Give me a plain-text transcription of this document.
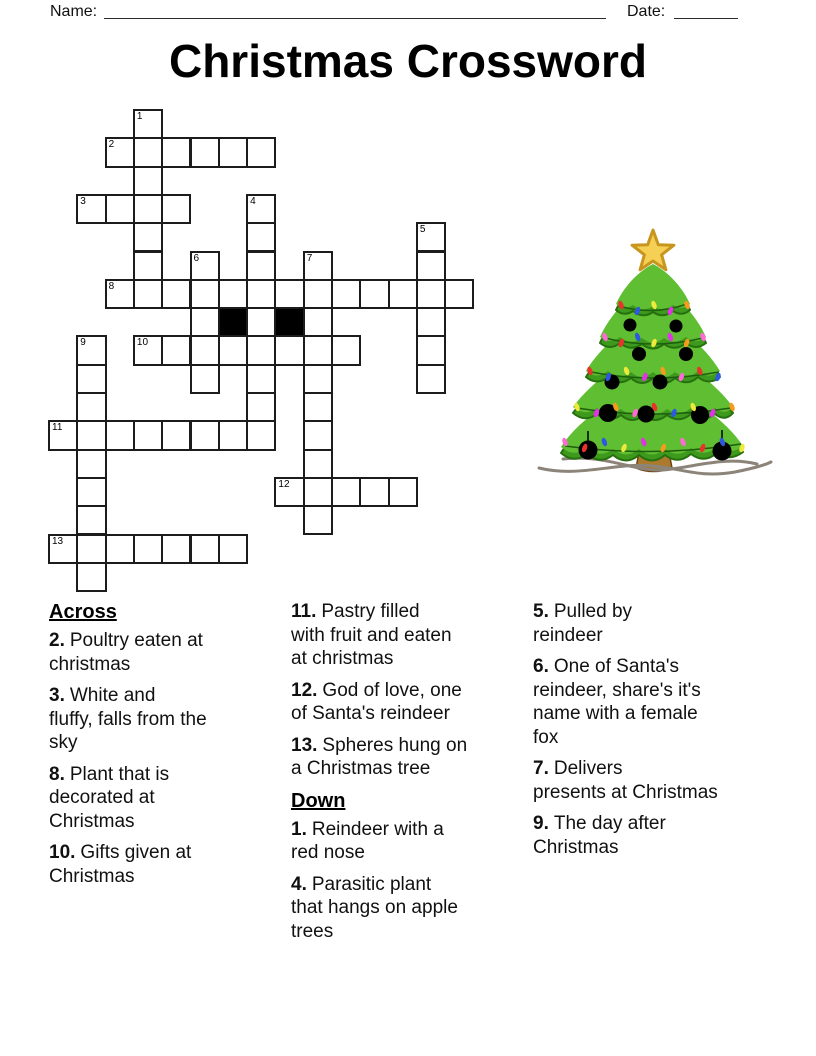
Name:	Date:
Christmas Crossword
1
2
3	4
5
6	7
8
9	10
11
12
13
Across
2. Poultry eaten at
christmas
3. White and
fluffy, falls from the
sky
8. Plant that is
decorated at
Christmas
10. Gifts given at
Christmas
11. Pastry filled
with fruit and eaten
at christmas
12. God of love, one
of Santa's reindeer
13. Spheres hung on
a Christmas tree
Down
1. Reindeer with a
red nose
4. Parasitic plant
that hangs on apple
trees
5. Pulled by
reindeer
6. One of Santa's
reindeer, share's it's
name with a female
fox
7. Delivers
presents at Christmas
9. The day after
Christmas
